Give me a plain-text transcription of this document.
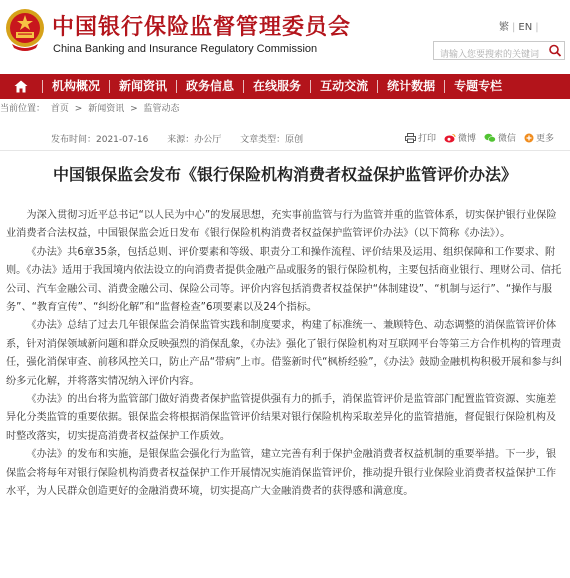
中国银行保险监督管理委员会
China Banking and Insurance Regulatory Commission
繁 | EN |
请输入您要搜索的关键词
机构概况	新闻资讯	政务信息	在线服务	互动交流	统计数据	专题专栏
当前位置： 首页 > 新闻资讯 > 监管动态
发布时间：2021-07-16 来源：办公厅 文章类型：原创	打印 微博 微信 更多
中国银保监会发布《银行保险机构消费者权益保护监管评价办法》

为深入贯彻习近平总书记“以人民为中心”的发展思想，充实事前监管与行为监管并重的监管体系，切实保护银行业保险业消费者合法权益，中国银保监会近日发布《银行保险机构消费者权益保护监管评价办法》（以下简称《办法》）。

《办法》共6章35条，包括总则、评价要素和等级、职责分工和操作流程、评价结果及运用、组织保障和工作要求、附则。《办法》适用于我国境内依法设立的向消费者提供金融产品或服务的银行保险机构，主要包括商业银行、理财公司、信托公司、汽车金融公司、消费金融公司、保险公司等。评价内容包括消费者权益保护“体制建设”、“机制与运行”、“操作与服务”、“教育宣传”、“纠纷化解”和“监督检查”6项要素以及24个指标。

《办法》总结了过去几年银保监会消保监管实践和制度要求，构建了标准统一、兼顾特色、动态调整的消保监管评价体系，针对消保领域新问题和群众反映强烈的消保乱象，《办法》强化了银行保险机构对互联网平台等第三方合作机构的管理责任，强化消保审查、前移风控关口，防止产品“带病”上市。借鉴新时代“枫桥经验”，《办法》鼓励金融机构积极开展和参与纠纷多元化解，并将落实情况纳入评价内容。

《办法》的出台将为监管部门做好消费者保护监管提供强有力的抓手，消保监管评价是监管部门配置监管资源、实施差异化分类监管的重要依据。银保监会将根据消保监管评价结果对银行保险机构采取差异化的监管措施，督促银行保险机构及时整改落实，切实提高消费者权益保护工作质效。

《办法》的发布和实施，是银保监会强化行为监管，建立完善有利于保护金融消费者权益机制的重要举措。下一步，银保监会将每年对银行保险机构消费者权益保护工作开展情况实施消保监管评价，推动提升银行业保险业消费者权益保护工作水平，为人民群众创造更好的金融消费环境，切实提高广大金融消费者的获得感和满意度。
